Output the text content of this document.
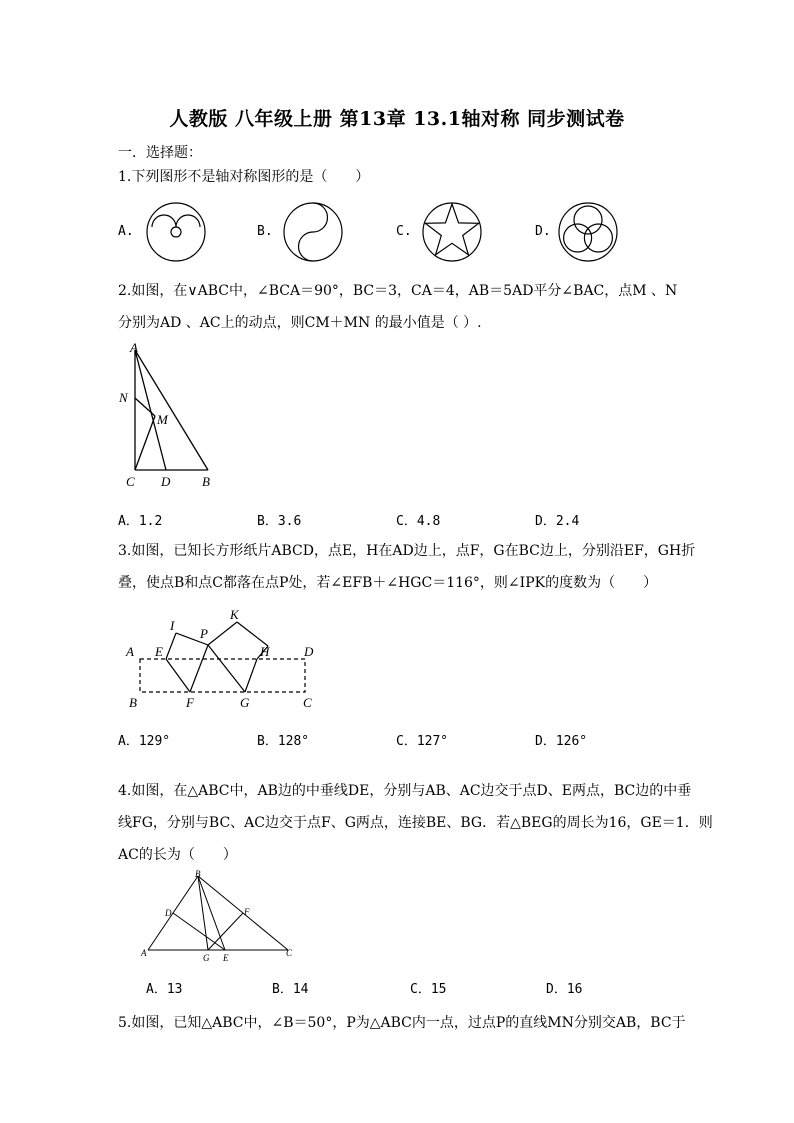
人教版 八年级上册 第13章 13.1轴对称 同步测试卷
一．选择题：
1.下列图形不是轴对称图形的是（　　）
A.	B.	C.	D.
2.如图，在∨ABC中，∠BCA＝90°，BC＝3，CA＝4，AB＝5AD平分∠BAC，点M 、N
分别为AD 、AC上的动点，则CM＋MN 的最小值是（ ）.
A
N
M
C D B
A．1.2	B．3.6	C．4.8	D．2.4
3.如图，已知长方形纸片ABCD，点E，H在AD边上，点F，G在BC边上，分别沿EF，GH折
叠，使点B和点C都落在点P处，若∠EFB＋∠HGC＝116°，则∠IPK的度数为（　　）
I
P
K
A E	H	D
B	F	G	C
A．129°	B．128°	C．127°	D．126°
4.如图，在△ABC中，AB边的中垂线DE，分别与AB、AC边交于点D、E两点，BC边的中垂
线FG，分别与BC、AC边交于点F、G两点，连接BE、BG．若△BEG的周长为16，GE＝1．则
AC的长为（　　）
B
D	F
A	G E	C
A．13	B．14	C．15	D．16
5.如图，已知△ABC中，∠B＝50°，P为△ABC内一点，过点P的直线MN分别交AB，BC于
